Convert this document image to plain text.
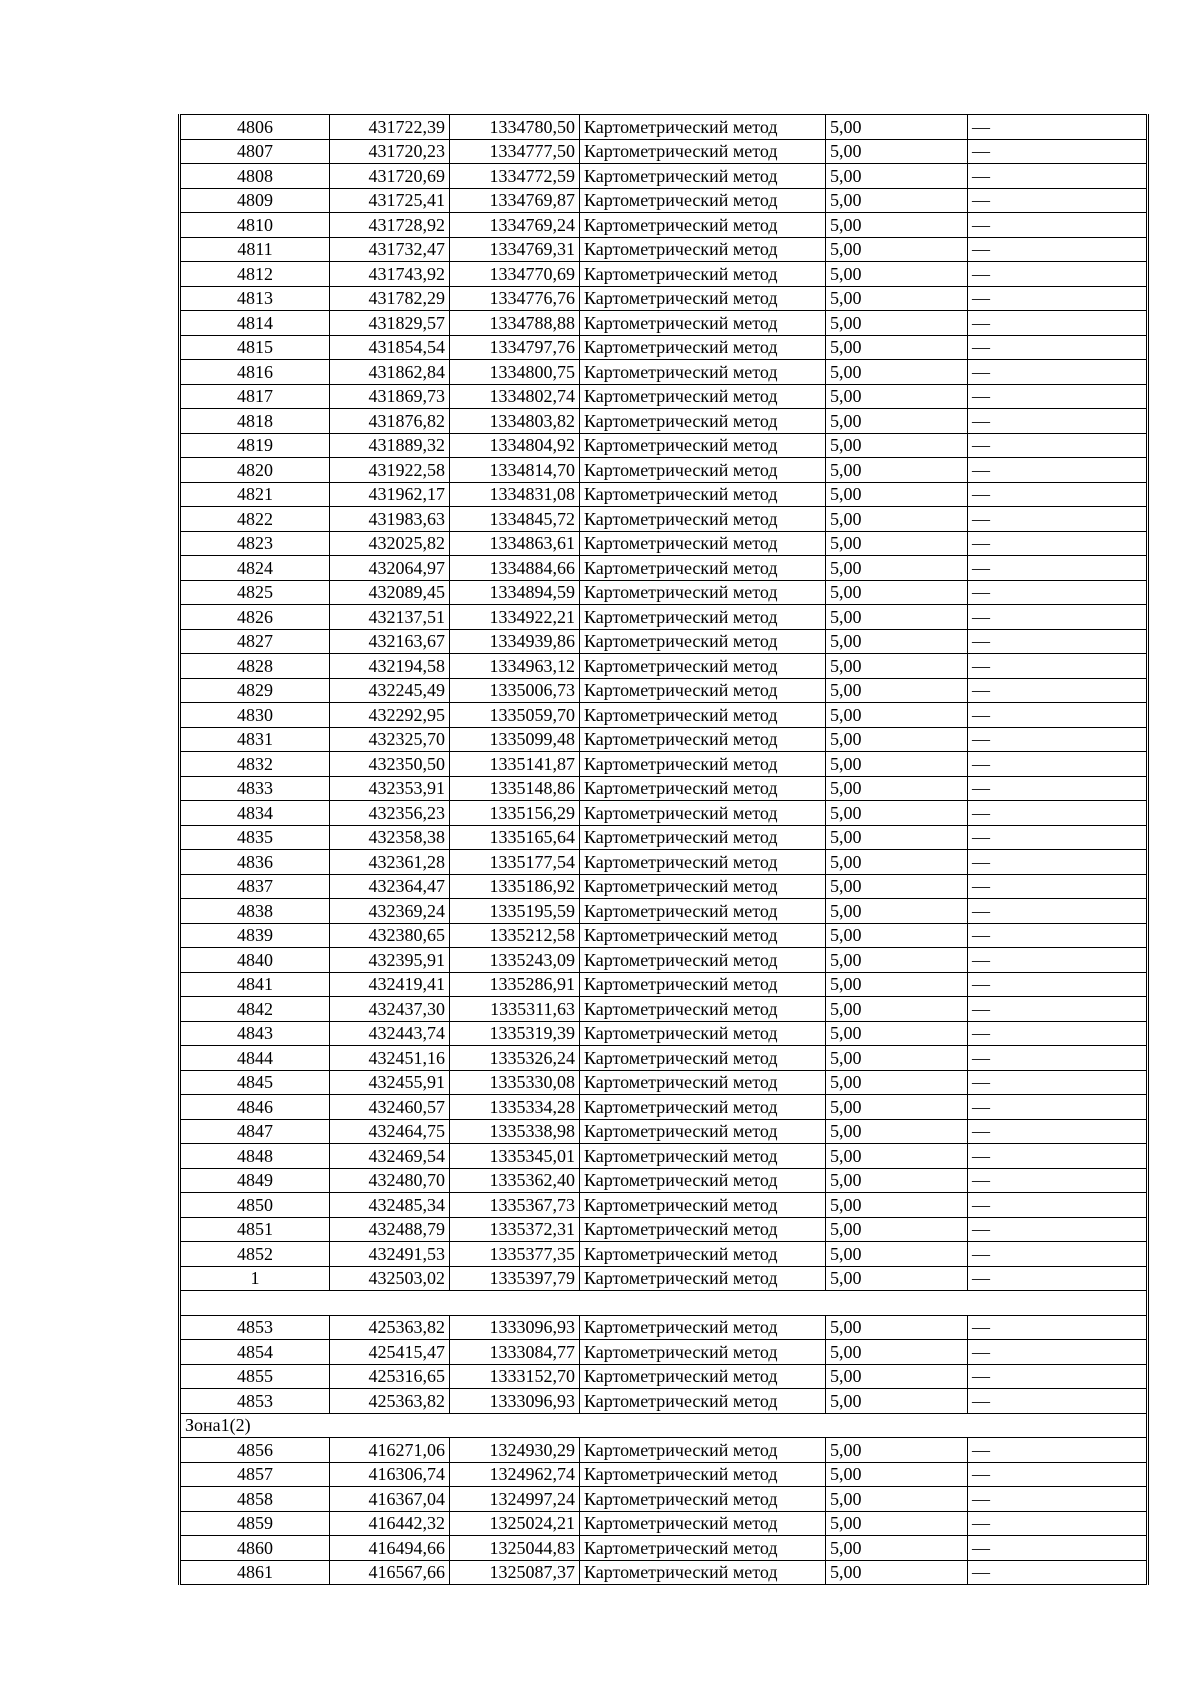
4806	431722,39	1334780,50	Картометрический метод	5,00	—
4807	431720,23	1334777,50	Картометрический метод	5,00	—
4808	431720,69	1334772,59	Картометрический метод	5,00	—
4809	431725,41	1334769,87	Картометрический метод	5,00	—
4810	431728,92	1334769,24	Картометрический метод	5,00	—
4811	431732,47	1334769,31	Картометрический метод	5,00	—
4812	431743,92	1334770,69	Картометрический метод	5,00	—
4813	431782,29	1334776,76	Картометрический метод	5,00	—
4814	431829,57	1334788,88	Картометрический метод	5,00	—
4815	431854,54	1334797,76	Картометрический метод	5,00	—
4816	431862,84	1334800,75	Картометрический метод	5,00	—
4817	431869,73	1334802,74	Картометрический метод	5,00	—
4818	431876,82	1334803,82	Картометрический метод	5,00	—
4819	431889,32	1334804,92	Картометрический метод	5,00	—
4820	431922,58	1334814,70	Картометрический метод	5,00	—
4821	431962,17	1334831,08	Картометрический метод	5,00	—
4822	431983,63	1334845,72	Картометрический метод	5,00	—
4823	432025,82	1334863,61	Картометрический метод	5,00	—
4824	432064,97	1334884,66	Картометрический метод	5,00	—
4825	432089,45	1334894,59	Картометрический метод	5,00	—
4826	432137,51	1334922,21	Картометрический метод	5,00	—
4827	432163,67	1334939,86	Картометрический метод	5,00	—
4828	432194,58	1334963,12	Картометрический метод	5,00	—
4829	432245,49	1335006,73	Картометрический метод	5,00	—
4830	432292,95	1335059,70	Картометрический метод	5,00	—
4831	432325,70	1335099,48	Картометрический метод	5,00	—
4832	432350,50	1335141,87	Картометрический метод	5,00	—
4833	432353,91	1335148,86	Картометрический метод	5,00	—
4834	432356,23	1335156,29	Картометрический метод	5,00	—
4835	432358,38	1335165,64	Картометрический метод	5,00	—
4836	432361,28	1335177,54	Картометрический метод	5,00	—
4837	432364,47	1335186,92	Картометрический метод	5,00	—
4838	432369,24	1335195,59	Картометрический метод	5,00	—
4839	432380,65	1335212,58	Картометрический метод	5,00	—
4840	432395,91	1335243,09	Картометрический метод	5,00	—
4841	432419,41	1335286,91	Картометрический метод	5,00	—
4842	432437,30	1335311,63	Картометрический метод	5,00	—
4843	432443,74	1335319,39	Картометрический метод	5,00	—
4844	432451,16	1335326,24	Картометрический метод	5,00	—
4845	432455,91	1335330,08	Картометрический метод	5,00	—
4846	432460,57	1335334,28	Картометрический метод	5,00	—
4847	432464,75	1335338,98	Картометрический метод	5,00	—
4848	432469,54	1335345,01	Картометрический метод	5,00	—
4849	432480,70	1335362,40	Картометрический метод	5,00	—
4850	432485,34	1335367,73	Картометрический метод	5,00	—
4851	432488,79	1335372,31	Картометрический метод	5,00	—
4852	432491,53	1335377,35	Картометрический метод	5,00	—
1	432503,02	1335397,79	Картометрический метод	5,00	—

4853	425363,82	1333096,93	Картометрический метод	5,00	—
4854	425415,47	1333084,77	Картометрический метод	5,00	—
4855	425316,65	1333152,70	Картометрический метод	5,00	—
4853	425363,82	1333096,93	Картометрический метод	5,00	—
Зона1(2)					
4856	416271,06	1324930,29	Картометрический метод	5,00	—
4857	416306,74	1324962,74	Картометрический метод	5,00	—
4858	416367,04	1324997,24	Картометрический метод	5,00	—
4859	416442,32	1325024,21	Картометрический метод	5,00	—
4860	416494,66	1325044,83	Картометрический метод	5,00	—
4861	416567,66	1325087,37	Картометрический метод	5,00	—
